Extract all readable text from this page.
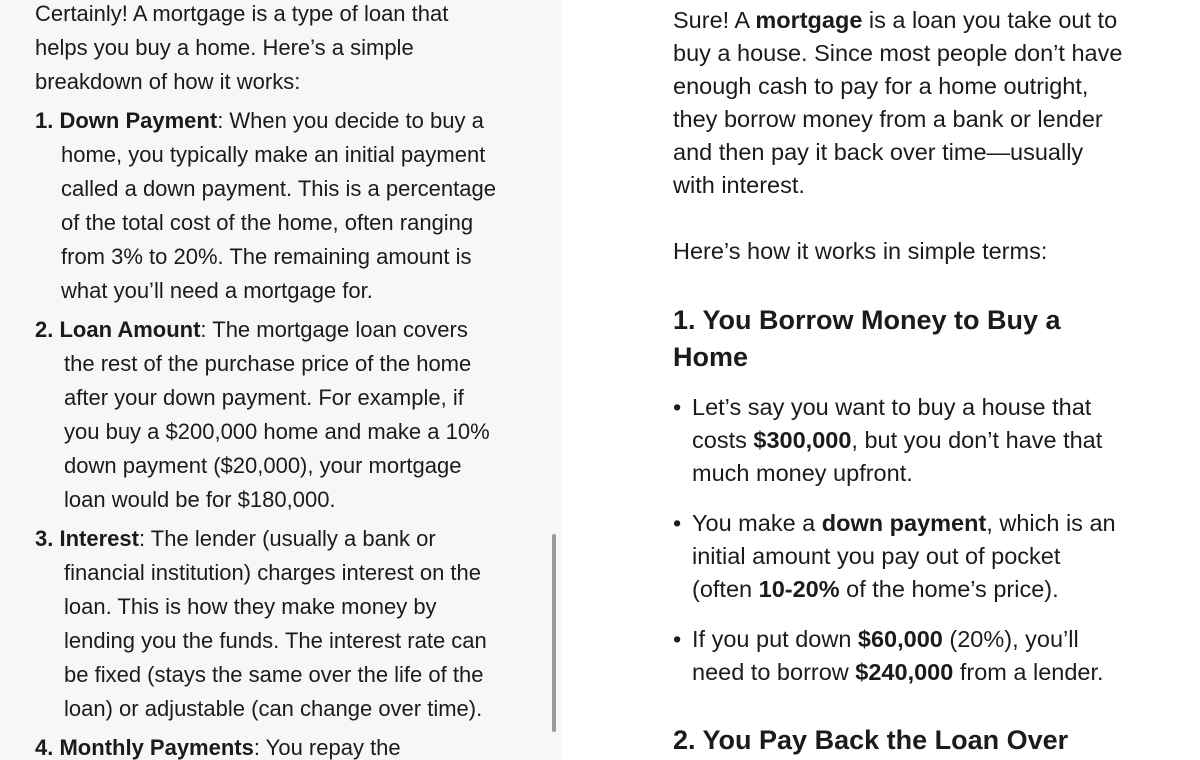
Certainly! A mortgage is a type of loan that
helps you buy a home. Here’s a simple
breakdown of how it works:

1. Down Payment: When you decide to buy a
home, you typically make an initial payment
called a down payment. This is a percentage
of the total cost of the home, often ranging
from 3% to 20%. The remaining amount is
what you’ll need a mortgage for.
2. Loan Amount: The mortgage loan covers
the rest of the purchase price of the home
after your down payment. For example, if
you buy a $200,000 home and make a 10%
down payment ($20,000), your mortgage
loan would be for $180,000.
3. Interest: The lender (usually a bank or
financial institution) charges interest on the
loan. This is how they make money by
lending you the funds. The interest rate can
be fixed (stays the same over the life of the
loan) or adjustable (can change over time).
4. Monthly Payments: You repay the

Sure! A mortgage is a loan you take out to
buy a house. Since most people don’t have
enough cash to pay for a home outright,
they borrow money from a bank or lender
and then pay it back over time—usually
with interest.

Here’s how it works in simple terms:

1. You Borrow Money to Buy a
Home
• Let’s say you want to buy a house that
costs $300,000, but you don’t have that
much money upfront.
• You make a down payment, which is an
initial amount you pay out of pocket
(often 10-20% of the home’s price).
• If you put down $60,000 (20%), you’ll
need to borrow $240,000 from a lender.
2. You Pay Back the Loan Over
